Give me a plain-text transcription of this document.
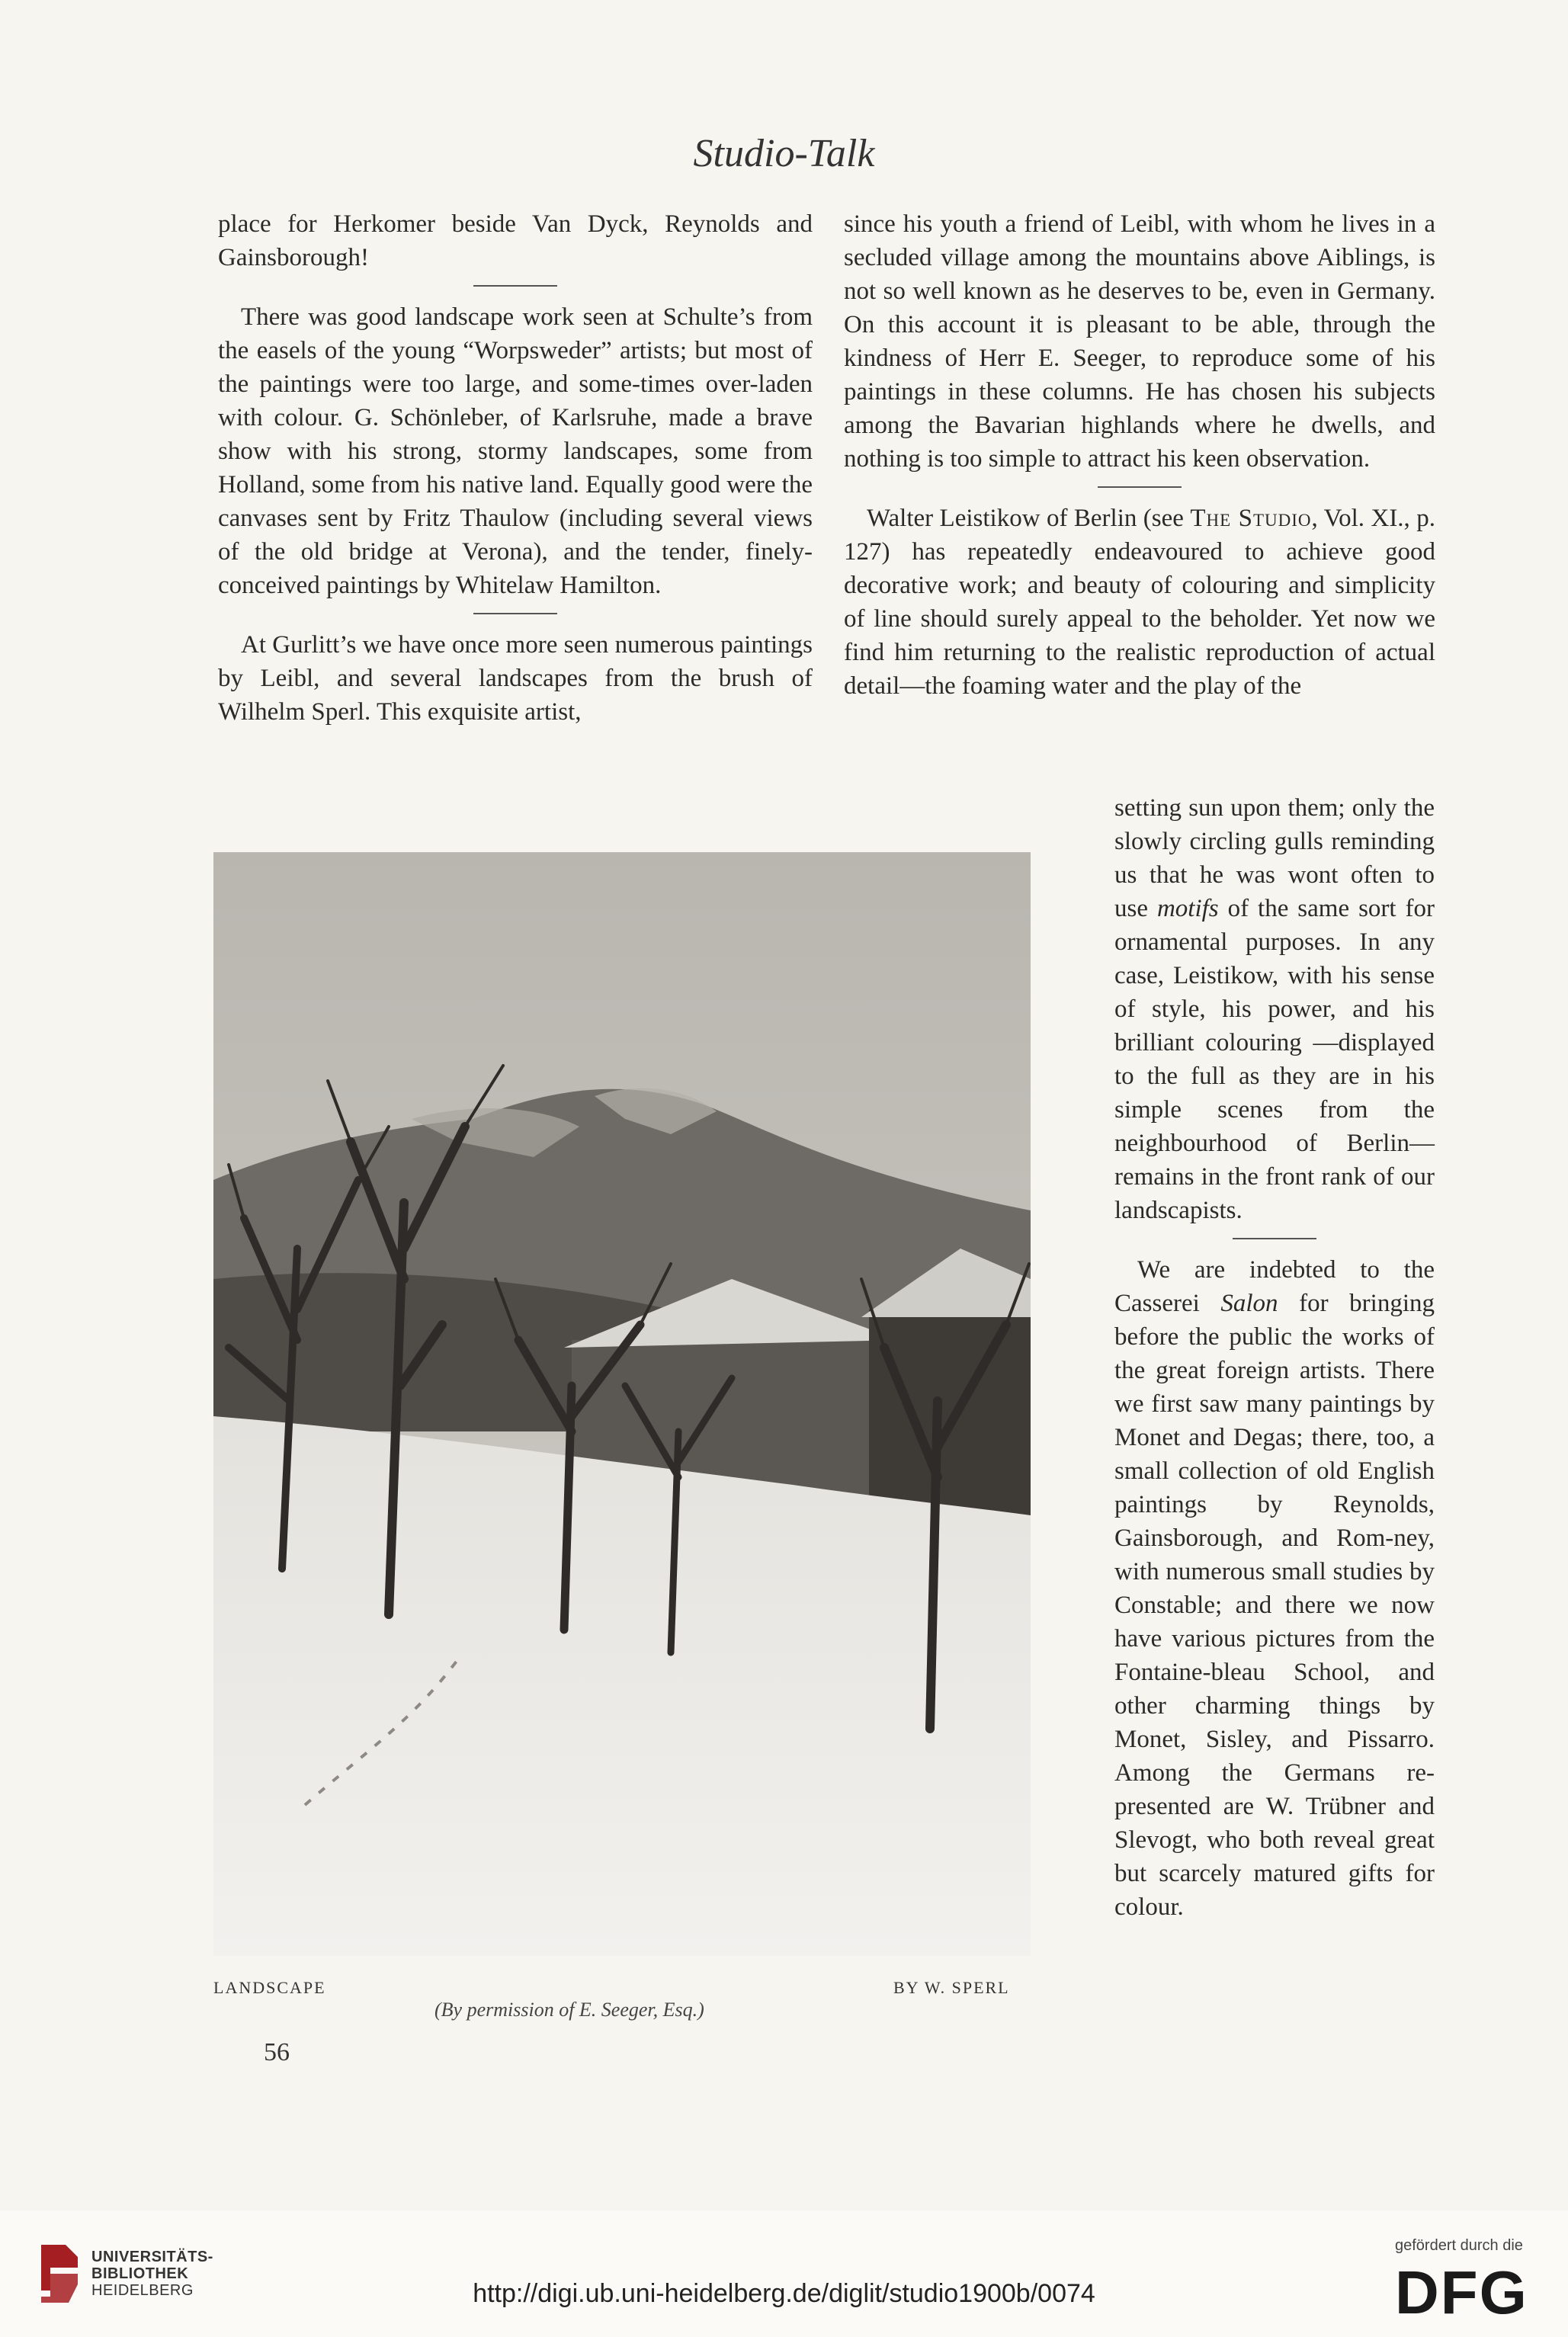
Studio-Talk

place for Herkomer beside Van Dyck, Reynolds and Gainsborough!

There was good landscape work seen at Schulte’s from the easels of the young “Worpsweder” artists; but most of the paintings were too large, and some-times over-laden with colour. G. Schönleber, of Karlsruhe, made a brave show with his strong, stormy landscapes, some from Holland, some from his native land. Equally good were the canvases sent by Fritz Thaulow (including several views of the old bridge at Verona), and the tender, finely-conceived paintings by Whitelaw Hamilton.

At Gurlitt’s we have once more seen numerous paintings by Leibl, and several landscapes from the brush of Wilhelm Sperl. This exquisite artist,

since his youth a friend of Leibl, with whom he lives in a secluded village among the mountains above Aiblings, is not so well known as he deserves to be, even in Germany. On this account it is pleasant to be able, through the kindness of Herr E. Seeger, to reproduce some of his paintings in these columns. He has chosen his subjects among the Bavarian highlands where he dwells, and nothing is too simple to attract his keen observation.

Walter Leistikow of Berlin (see The Studio, Vol. XI., p. 127) has repeatedly endeavoured to achieve good decorative work; and beauty of colouring and simplicity of line should surely appeal to the beholder. Yet now we find him returning to the realistic reproduction of actual detail—the foaming water and the play of the

setting sun upon them; only the slowly circling gulls reminding us that he was wont often to use motifs of the same sort for ornamental purposes. In any case, Leistikow, with his sense of style, his power, and his brilliant colouring —displayed to the full as they are in his simple scenes from the neighbourhood of Berlin—remains in the front rank of our landscapists.

We are indebted to the Casserei Salon for bringing before the public the works of the great foreign artists. There we first saw many paintings by Monet and Degas; there, too, a small collection of old English paintings by Reynolds, Gainsborough, and Rom-ney, with numerous small studies by Constable; and there we now have various pictures from the Fontaine-bleau School, and other charming things by Monet, Sisley, and Pissarro. Among the Germans re-presented are W. Trübner and Slevogt, who both reveal great but scarcely matured gifts for colour.

LANDSCAPE	BY W. SPERL
(By permission of E. Seeger, Esq.)
56
UNIVERSITÄTS-
BIBLIOTHEK
HEIDELBERG	http://digi.ub.uni-heidelberg.de/diglit/studio1900b/0074
gefördert durch die
DFG
